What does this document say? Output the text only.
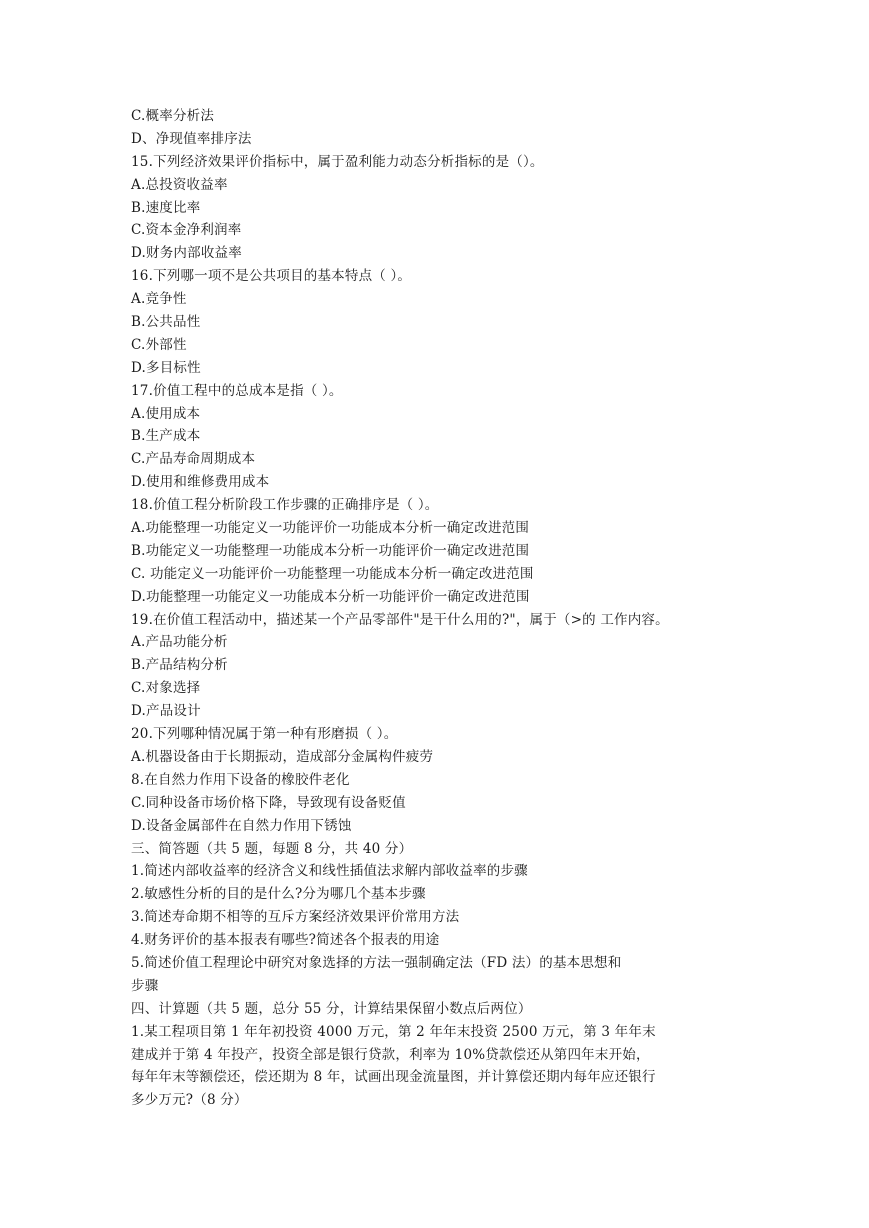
C.概率分析法
D、净现值率排序法
15.下列经济效果评价指标中，属于盈利能力动态分析指标的是（）。
A.总投资收益率
B.速度比率
C.资本金净利润率
D.财务内部收益率
16.下列哪一项不是公共项目的基本特点（ ）。
A.竞争性
B.公共品性
C.外部性
D.多目标性
17.价值工程中的总成本是指（ ）。
A.使用成本
B.生产成本
C.产品寿命周期成本
D.使用和维修费用成本
18.价值工程分析阶段工作步骤的正确排序是（ ）。
A.功能整理一功能定义一功能评价一功能成本分析一确定改进范围
B.功能定义一功能整理一功能成本分析一功能评价一确定改进范围
C. 功能定义一功能评价一功能整理一功能成本分析一确定改进范围
D.功能整理一功能定义一功能成本分析一功能评价一确定改进范围
19.在价值工程活动中，描述某一个产品零部件"是干什么用的?"，属于（>的 工作内容。
A.产品功能分析
B.产品结构分析
C.对象选择
D.产品设计
20.下列哪种情况属于第一种有形磨损（ ）。
A.机器设备由于长期振动，造成部分金属构件疲劳
8.在自然力作用下设备的橡胶件老化
C.同种设备市场价格下降，导致现有设备贬值
D.设备金属部件在自然力作用下锈蚀
三、简答题（共 5 题，每题 8 分，共 40 分）
1.简述内部收益率的经济含义和线性插值法求解内部收益率的步骤
2.敏感性分析的目的是什么?分为哪几个基本步骤
3.简述寿命期不相等的互斥方案经济效果评价常用方法
4.财务评价的基本报表有哪些?简述各个报表的用途
5.简述价值工程理论中研究对象选择的方法一强制确定法（FD 法）的基本思想和
步骤
四、计算题（共 5 题，总分 55 分，计算结果保留小数点后两位）
1.某工程项目第 1 年年初投资 4000 万元，第 2 年年末投资 2500 万元，第 3 年年末
建成并于第 4 年投产，投资全部是银行贷款，利率为 10%贷款偿还从第四年末开始，
每年年末等额偿还，偿还期为 8 年，试画出现金流量图，并计算偿还期内每年应还银行
多少万元?（8 分）
